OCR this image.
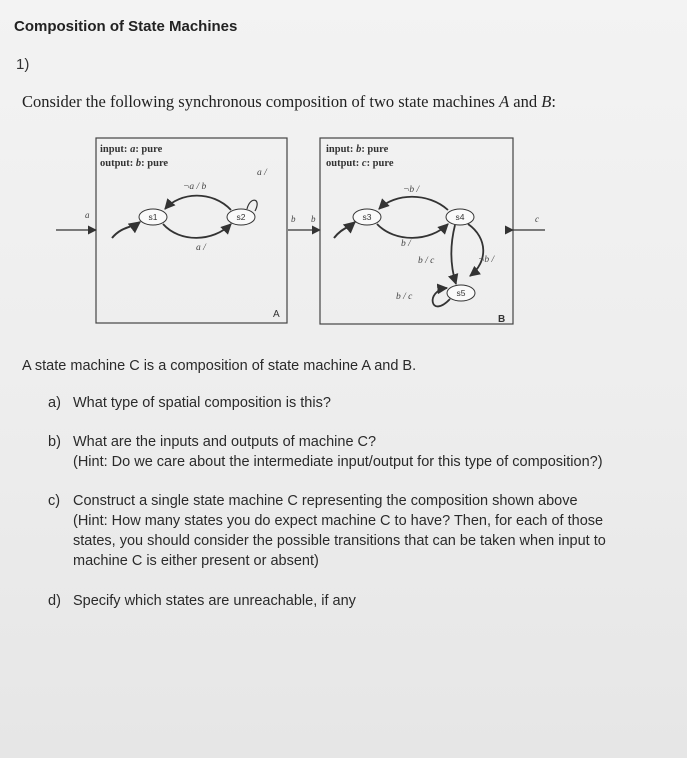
Composition of State Machines
1)
Consider the following synchronous composition of two state machines A and B:
input: a: pure
output: b: pure
A
a	s1	s2
¬a / b
a /
a /
b b
input: b: pure
output: c: pure
B
s3	s4
s5
¬b /
b /
b / c	¬b /
b / c
c
A state machine C is a composition of state machine A and B.
a) What type of spatial composition is this?
b) What are the inputs and outputs of machine C?
(Hint: Do we care about the intermediate input/output for this type of composition?)
c) Construct a single state machine C representing the composition shown above
(Hint: How many states you do expect machine C to have? Then, for each of those
states, you should consider the possible transitions that can be taken when input to
machine C is either present or absent)
d) Specify which states are unreachable, if any
